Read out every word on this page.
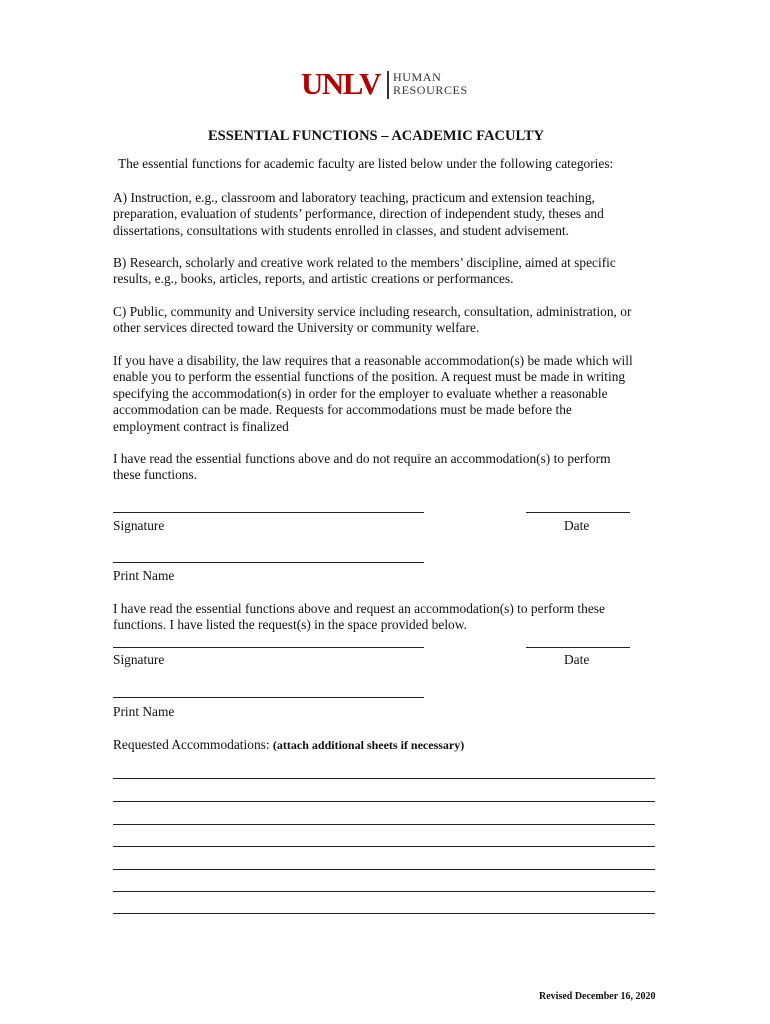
UNLV HUMAN
RESOURCES
ESSENTIAL FUNCTIONS – ACADEMIC FACULTY
The essential functions for academic faculty are listed below under the following categories:
A) Instruction, e.g., classroom and laboratory teaching, practicum and extension teaching,
preparation, evaluation of students’ performance, direction of independent study, theses and
dissertations, consultations with students enrolled in classes, and student advisement.
B) Research, scholarly and creative work related to the members’ discipline, aimed at specific
results, e.g., books, articles, reports, and artistic creations or performances.
C) Public, community and University service including research, consultation, administration, or
other services directed toward the University or community welfare.
If you have a disability, the law requires that a reasonable accommodation(s) be made which will
enable you to perform the essential functions of the position. A request must be made in writing
specifying the accommodation(s) in order for the employer to evaluate whether a reasonable
accommodation can be made. Requests for accommodations must be made before the
employment contract is finalized
I have read the essential functions above and do not require an accommodation(s) to perform
these functions.
Signature	Date
Print Name
I have read the essential functions above and request an accommodation(s) to perform these
functions. I have listed the request(s) in the space provided below.
Signature	Date
Print Name
Requested Accommodations: (attach additional sheets if necessary)
Revised December 16, 2020
